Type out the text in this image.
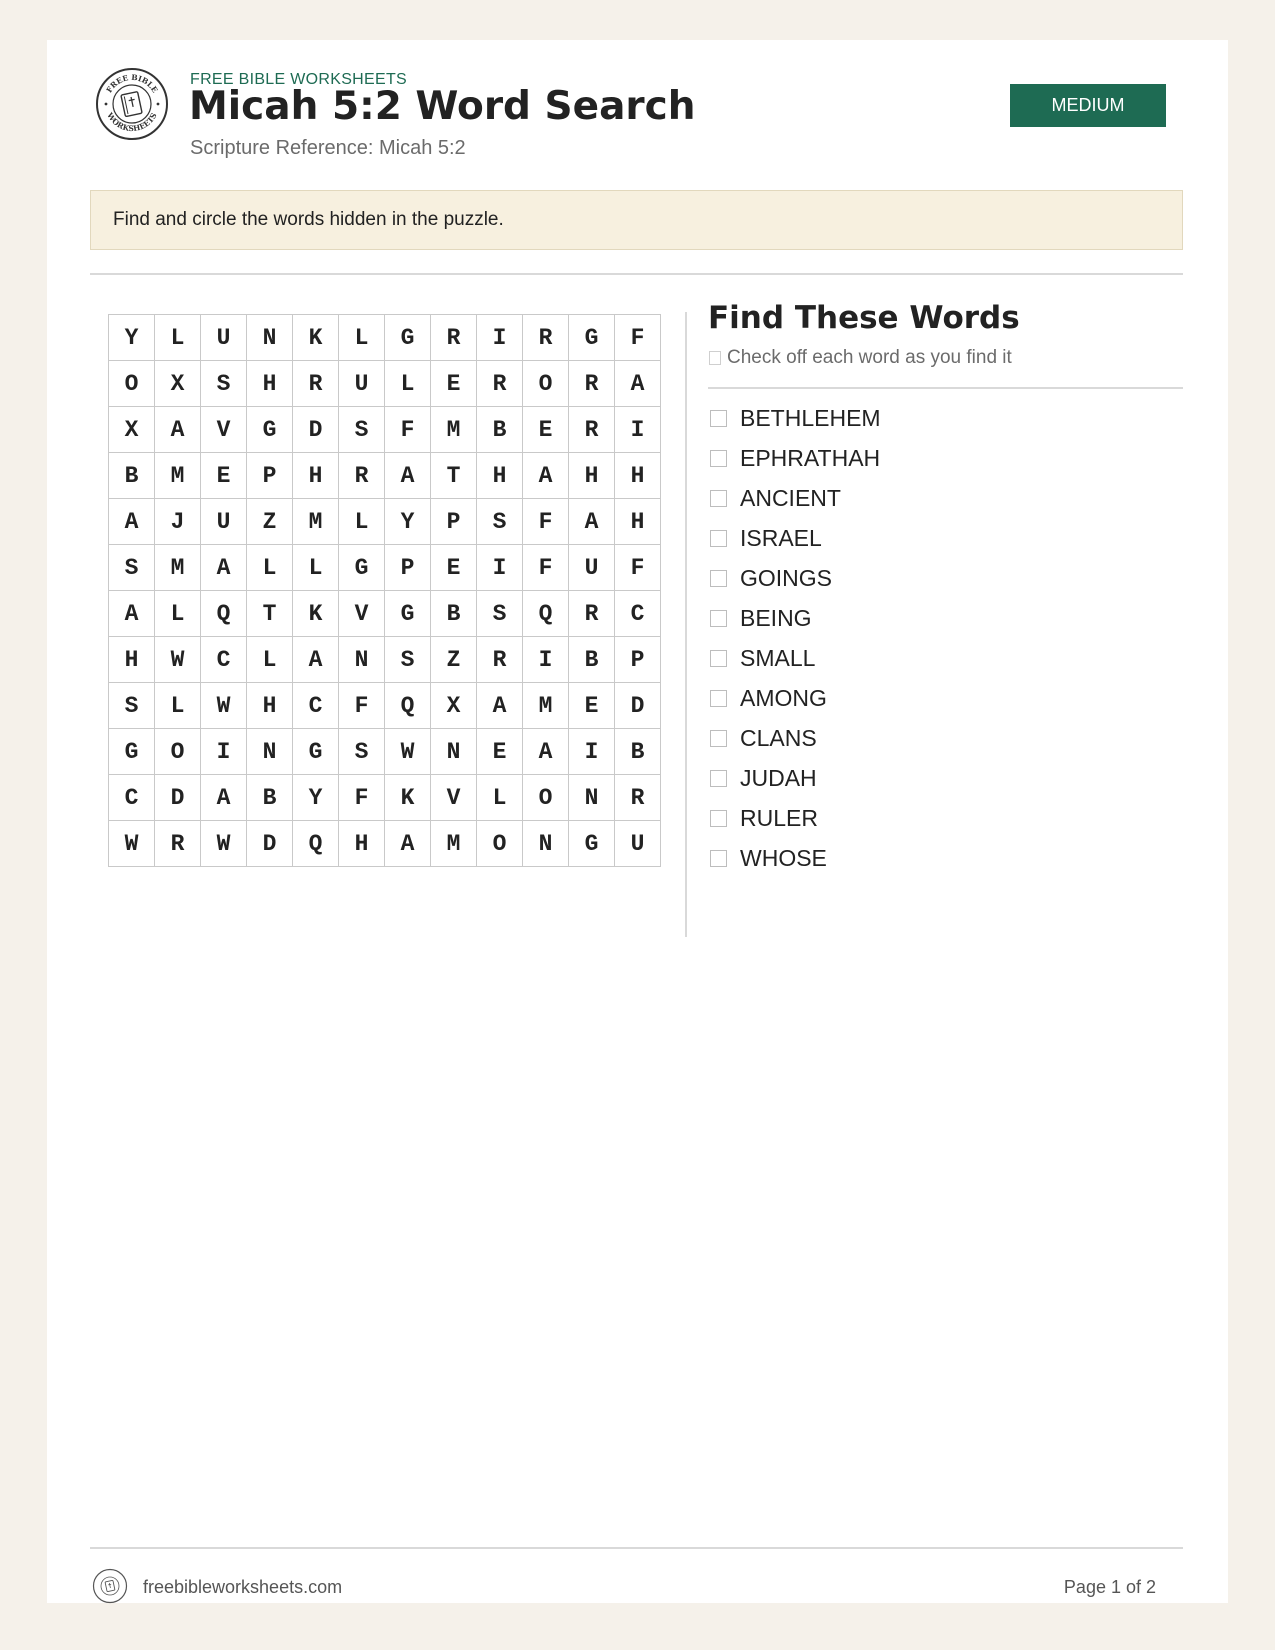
FREE BIBLE
WORKSHEETS
FREE BIBLE WORKSHEETS
Micah 5:2 Word Search
Scripture Reference: Micah 5:2
MEDIUM
Find and circle the words hidden in the puzzle.
Y	L	U	N	K	L	G	R	I	R	G	F
O	X	S	H	R	U	L	E	R	O	R	A
X	A	V	G	D	S	F	M	B	E	R	I
B	M	E	P	H	R	A	T	H	A	H	H
A	J	U	Z	M	L	Y	P	S	F	A	H
S	M	A	L	L	G	P	E	I	F	U	F
A	L	Q	T	K	V	G	B	S	Q	R	C
H	W	C	L	A	N	S	Z	R	I	B	P
S	L	W	H	C	F	Q	X	A	M	E	D
G	O	I	N	G	S	W	N	E	A	I	B
C	D	A	B	Y	F	K	V	L	O	N	R
W	R	W	D	Q	H	A	M	O	N	G	U
Find These Words
Check off each word as you find it
BETHLEHEM
EPHRATHAH
ANCIENT
ISRAEL
GOINGS
BEING
SMALL
AMONG
CLANS
JUDAH
RULER
WHOSE
freebibleworksheets.com	Page 1 of 2
